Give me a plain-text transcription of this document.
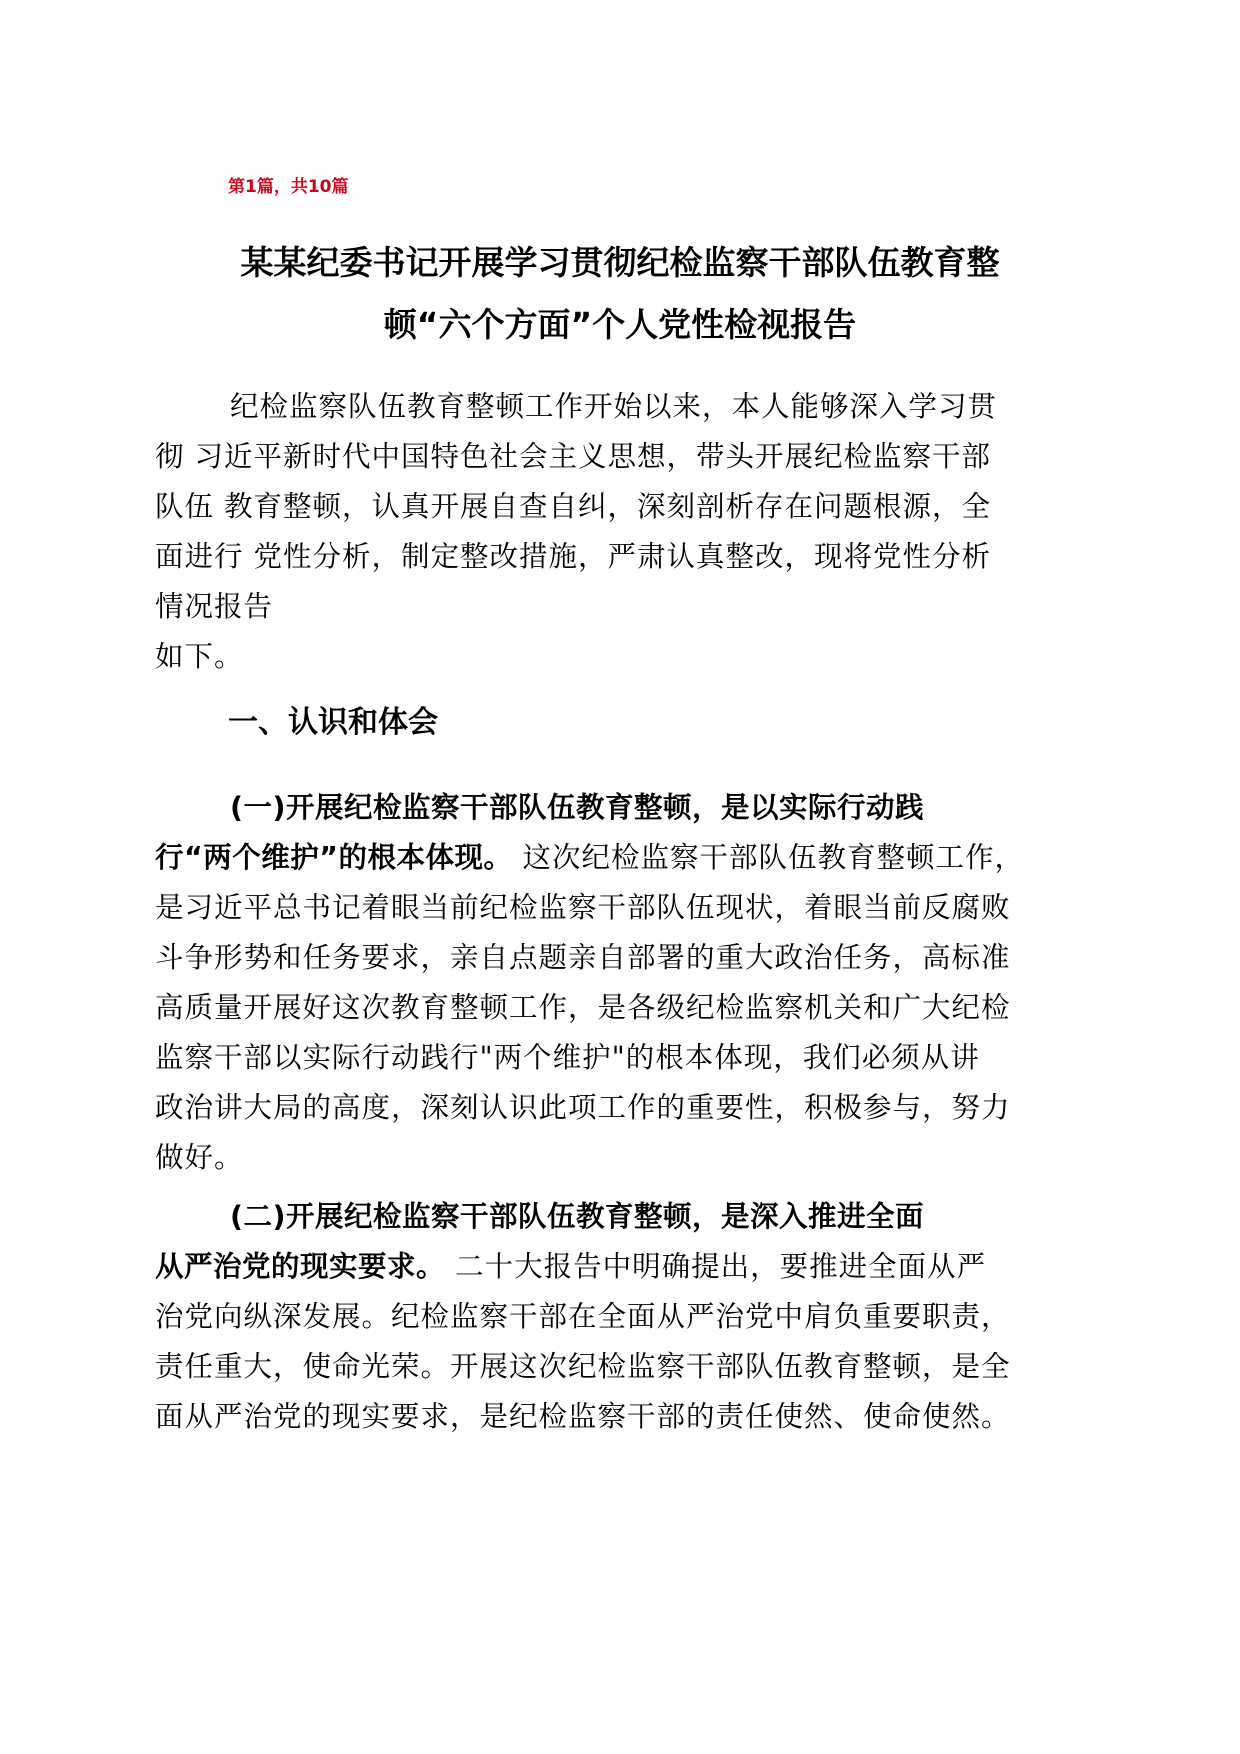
第1篇，共10篇
某某纪委书记开展学习贯彻纪检监察干部队伍教育整
顿“六个方面”个人党性检视报告
纪检监察队伍教育整顿工作开始以来，本人能够深入学习贯
彻 习近平新时代中国特色社会主义思想，带头开展纪检监察干部
队伍 教育整顿，认真开展自查自纠，深刻剖析存在问题根源，全
面进行 党性分析，制定整改措施，严肃认真整改，现将党性分析
情况报告
如下。
一、认识和体会
(一)开展纪检监察干部队伍教育整顿，是以实际行动践
行“两个维护”的根本体现。 这次纪检监察干部队伍教育整顿工作，
是习近平总书记着眼当前纪检监察干部队伍现状，着眼当前反腐败
斗争形势和任务要求，亲自点题亲自部署的重大政治任务，高标准
高质量开展好这次教育整顿工作，是各级纪检监察机关和广大纪检
监察干部以实际行动践行"两个维护"的根本体现，我们必须从讲
政治讲大局的高度，深刻认识此项工作的重要性，积极参与，努力
做好。
(二)开展纪检监察干部队伍教育整顿，是深入推进全面
从严治党的现实要求。 二十大报告中明确提出，要推进全面从严
治党向纵深发展。纪检监察干部在全面从严治党中肩负重要职责，
责任重大，使命光荣。开展这次纪检监察干部队伍教育整顿，是全
面从严治党的现实要求，是纪检监察干部的责任使然、使命使然。
